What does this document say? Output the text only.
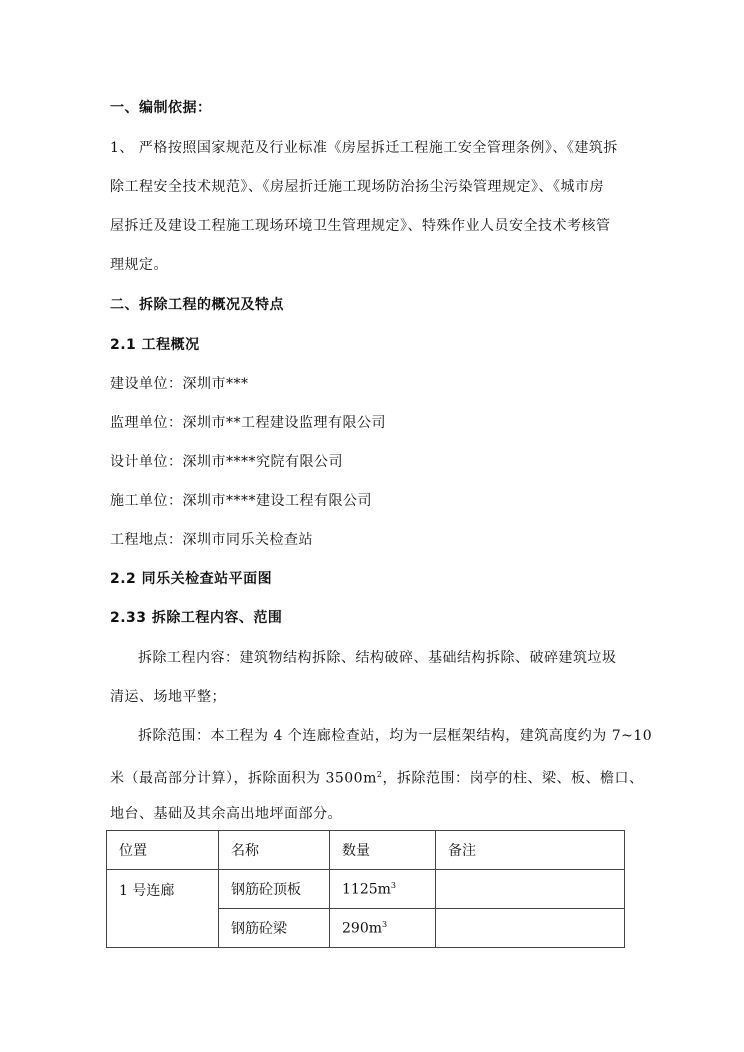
一、编制依据：
1、 严格按照国家规范及行业标准《房屋拆迁工程施工安全管理条例》、《建筑拆
除工程安全技术规范》、《房屋折迁施工现场防治扬尘污染管理规定》、《城市房
屋拆迁及建设工程施工现场环境卫生管理规定》、特殊作业人员安全技术考核管
理规定。
二、拆除工程的概况及特点
2.1 工程概况
建设单位：深圳市***
监理单位：深圳市**工程建设监理有限公司
设计单位：深圳市****究院有限公司
施工单位：深圳市****建设工程有限公司
工程地点：深圳市同乐关检查站
2.2 同乐关检查站平面图
2.33 拆除工程内容、范围
拆除工程内容：建筑物结构拆除、结构破碎、基础结构拆除、破碎建筑垃圾
清运、场地平整；
拆除范围：本工程为 4 个连廊检查站，均为一层框架结构，建筑高度约为 7~10
米（最高部分计算），拆除面积为 $3500m^2$，拆除范围：岗亭的柱、梁、板、檐口、
地台、基础及其余高出地坪面部分。
位置	名称	数量	备注
1 号连廊	钢筋砼顶板	$1125m^3$	
	钢筋砼梁	$290m^3$	
